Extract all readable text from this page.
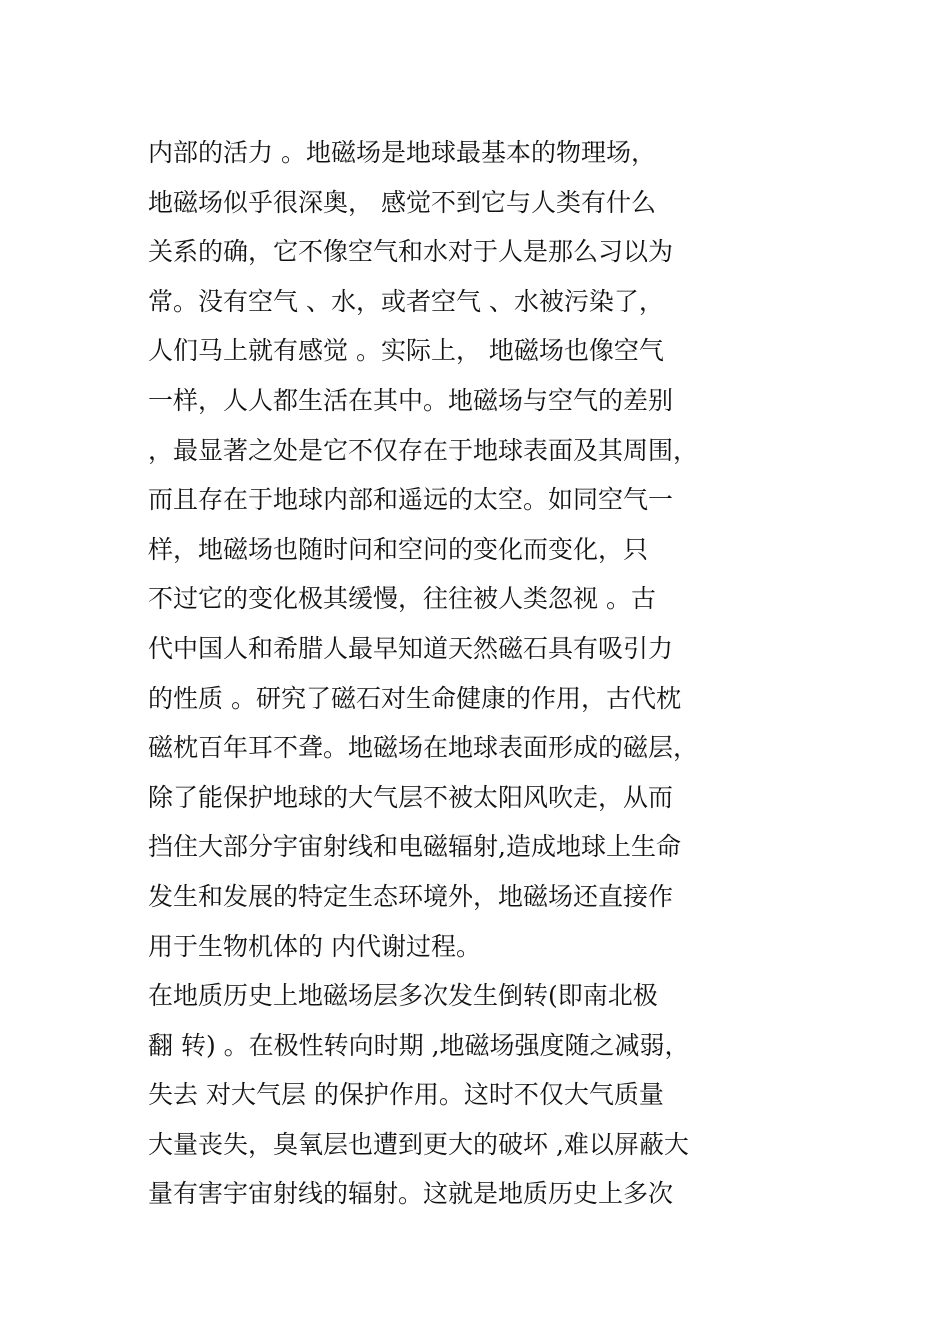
内部的活力 。地磁场是地球最基本的物理场，
地磁场似乎很深奥， 感觉不到它与人类有什么
关系的确，它不像空气和水对于人是那么习以为
常。没有空气 、水，或者空气 、水被污染了，
人们马上就有感觉 。实际上， 地磁场也像空气
一样，人人都生活在其中。地磁场与空气的差别
，最显著之处是它不仅存在于地球表面及其周围，
而且存在于地球内部和遥远的太空。如同空气一
样，地磁场也随时问和空问的变化而变化，只
不过它的变化极其缓慢，往往被人类忽视 。古
代中国人和希腊人最早知道天然磁石具有吸引力
的性质 。研究了磁石对生命健康的作用，古代枕
磁枕百年耳不聋。地磁场在地球表面形成的磁层，
除了能保护地球的大气层不被太阳风吹走，从而
挡住大部分宇宙射线和电磁辐射,造成地球上生命
发生和发展的特定生态环境外，地磁场还直接作
用于生物机体的 内代谢过程。
在地质历史上地磁场层多次发生倒转(即南北极
翻 转) 。在极性转向时期 ,地磁场强度随之减弱，
失去 对大气层 的保护作用。这时不仅大气质量
大量丧失，臭氧层也遭到更大的破坏 ,难以屏蔽大
量有害宇宙射线的辐射。这就是地质历史上多次
